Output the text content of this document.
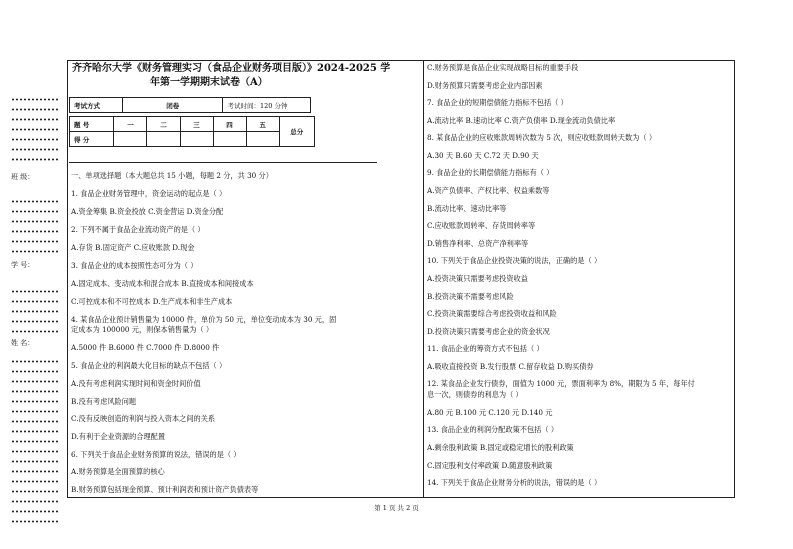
班 级：
学 号：
姓 名：
齐齐哈尔大学《财务管理实习（食品企业财务项目版）》2024-2025 学
年第一学期期末试卷（A）
考试方式	闭卷	考试时间：120 分钟
题 号	一	二	三	四	五	总分
得 分						
一、单项选择题（本大题总共 15 小题，每题 2 分，共 30 分）
1. 食品企业财务管理中，资金运动的起点是（ ）
A.资金筹集 B.资金投放 C.资金营运 D.资金分配
2. 下列不属于食品企业流动资产的是（ ）
A.存货 B.固定资产 C.应收账款 D.现金
3. 食品企业的成本按照性态可分为（ ）
A.固定成本、变动成本和混合成本 B.直接成本和间接成本
C.可控成本和不可控成本 D.生产成本和非生产成本
4. 某食品企业预计销售量为 10000 件，单价为 50 元，单位变动成本为 30 元，固
定成本为 100000 元，则保本销售量为（ ）
A.5000 件 B.6000 件 C.7000 件 D.8000 件
5. 食品企业的利润最大化目标的缺点不包括（ ）
A.没有考虑利润实现时间和资金时间价值
B.没有考虑风险问题
C.没有反映创造的利润与投入资本之间的关系
D.有利于企业资源的合理配置
6. 下列关于食品企业财务预算的说法，错误的是（ ）
A.财务预算是全面预算的核心
B.财务预算包括现金预算、预计利润表和预计资产负债表等
C.财务预算是食品企业实现战略目标的重要手段
D.财务预算只需要考虑企业内部因素
7. 食品企业的短期偿债能力指标不包括（ ）
A.流动比率 B.速动比率 C.资产负债率 D.现金流动负债比率
8. 某食品企业的应收账款周转次数为 5 次，则应收账款周转天数为（ ）
A.30 天 B.60 天 C.72 天 D.90 天
9. 食品企业的长期偿债能力指标有（ ）
A.资产负债率、产权比率、权益乘数等
B.流动比率、速动比率等
C.应收账款周转率、存货周转率等
D.销售净利率、总资产净利率等
10. 下列关于食品企业投资决策的说法，正确的是（ ）
A.投资决策只需要考虑投资收益
B.投资决策不需要考虑风险
C.投资决策需要综合考虑投资收益和风险
D.投资决策只需要考虑企业的资金状况
11. 食品企业的筹资方式不包括（ ）
A.吸收直接投资 B.发行股票 C.留存收益 D.购买债券
12. 某食品企业发行债券，面值为 1000 元，票面利率为 8%，期限为 5 年，每年付
息一次，则债券的利息为（ ）
A.80 元 B.100 元 C.120 元 D.140 元
13. 食品企业的利润分配政策不包括（ ）
A.剩余股利政策 B.固定或稳定增长的股利政策
C.固定股利支付率政策 D.随意股利政策
14. 下列关于食品企业财务分析的说法，错误的是（ ）
第 1 页 共 2 页
